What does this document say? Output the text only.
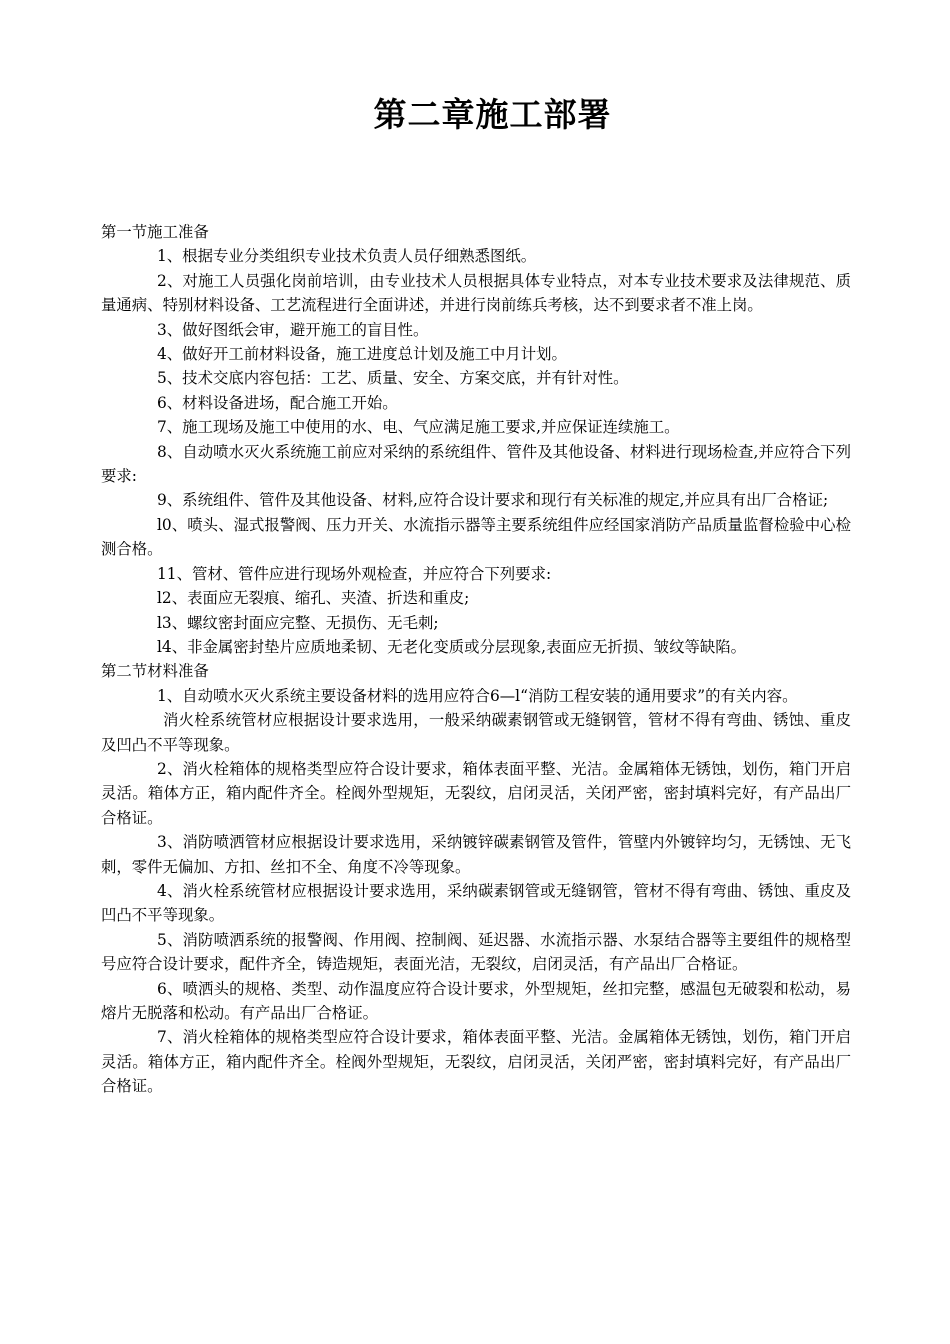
第二章施工部署

第一节施工准备

1、根据专业分类组织专业技术负责人员仔细熟悉图纸。

2、对施工人员强化岗前培训，由专业技术人员根据具体专业特点，对本专业技术要求及法律规范、质量通病、特别材料设备、工艺流程进行全面讲述，并进行岗前练兵考核，达不到要求者不准上岗。

3、做好图纸会审，避开施工的盲目性。

4、做好开工前材料设备，施工进度总计划及施工中月计划。

5、技术交底内容包括：工艺、质量、安全、方案交底，并有针对性。

6、材料设备进场，配合施工开始。

7、施工现场及施工中使用的水、电、气应满足施工要求,并应保证连续施工。

8、自动喷水灭火系统施工前应对采纳的系统组件、管件及其他设备、材料进行现场检查,并应符合下列要求:

9、系统组件、管件及其他设备、材料,应符合设计要求和现行有关标准的规定,并应具有出厂合格证;

l0、喷头、湿式报警阀、压力开关、水流指示器等主要系统组件应经国家消防产品质量监督检验中心检测合格。

11、管材、管件应进行现场外观检查，并应符合下列要求:

l2、表面应无裂痕、缩孔、夹渣、折迭和重皮;

l3、螺纹密封面应完整、无损伤、无毛刺;

l4、非金属密封垫片应质地柔韧、无老化变质或分层现象,表面应无折损、皱纹等缺陷。

第二节材料准备

1、自动喷水灭火系统主要设备材料的选用应符合6—l“消防工程安装的通用要求”的有关内容。

消火栓系统管材应根据设计要求选用，一般采纳碳素钢管或无缝钢管，管材不得有弯曲、锈蚀、重皮及凹凸不平等现象。

2、消火栓箱体的规格类型应符合设计要求，箱体表面平整、光洁。金属箱体无锈蚀，划伤，箱门开启灵活。箱体方正，箱内配件齐全。栓阀外型规矩，无裂纹，启闭灵活，关闭严密，密封填料完好，有产品出厂合格证。

3、消防喷洒管材应根据设计要求选用，采纳镀锌碳素钢管及管件，管壁内外镀锌均匀，无锈蚀、无飞刺，零件无偏加、方扣、丝扣不全、角度不冷等现象。

4、消火栓系统管材应根据设计要求选用，采纳碳素钢管或无缝钢管，管材不得有弯曲、锈蚀、重皮及凹凸不平等现象。

5、消防喷洒系统的报警阀、作用阀、控制阀、延迟器、水流指示器、水泵结合器等主要组件的规格型号应符合设计要求，配件齐全，铸造规矩，表面光洁，无裂纹，启闭灵活，有产品出厂合格证。

6、喷洒头的规格、类型、动作温度应符合设计要求，外型规矩，丝扣完整，感温包无破裂和松动，易熔片无脱落和松动。有产品出厂合格证。

7、消火栓箱体的规格类型应符合设计要求，箱体表面平整、光洁。金属箱体无锈蚀，划伤，箱门开启灵活。箱体方正，箱内配件齐全。栓阀外型规矩，无裂纹，启闭灵活，关闭严密，密封填料完好，有产品出厂合格证。
